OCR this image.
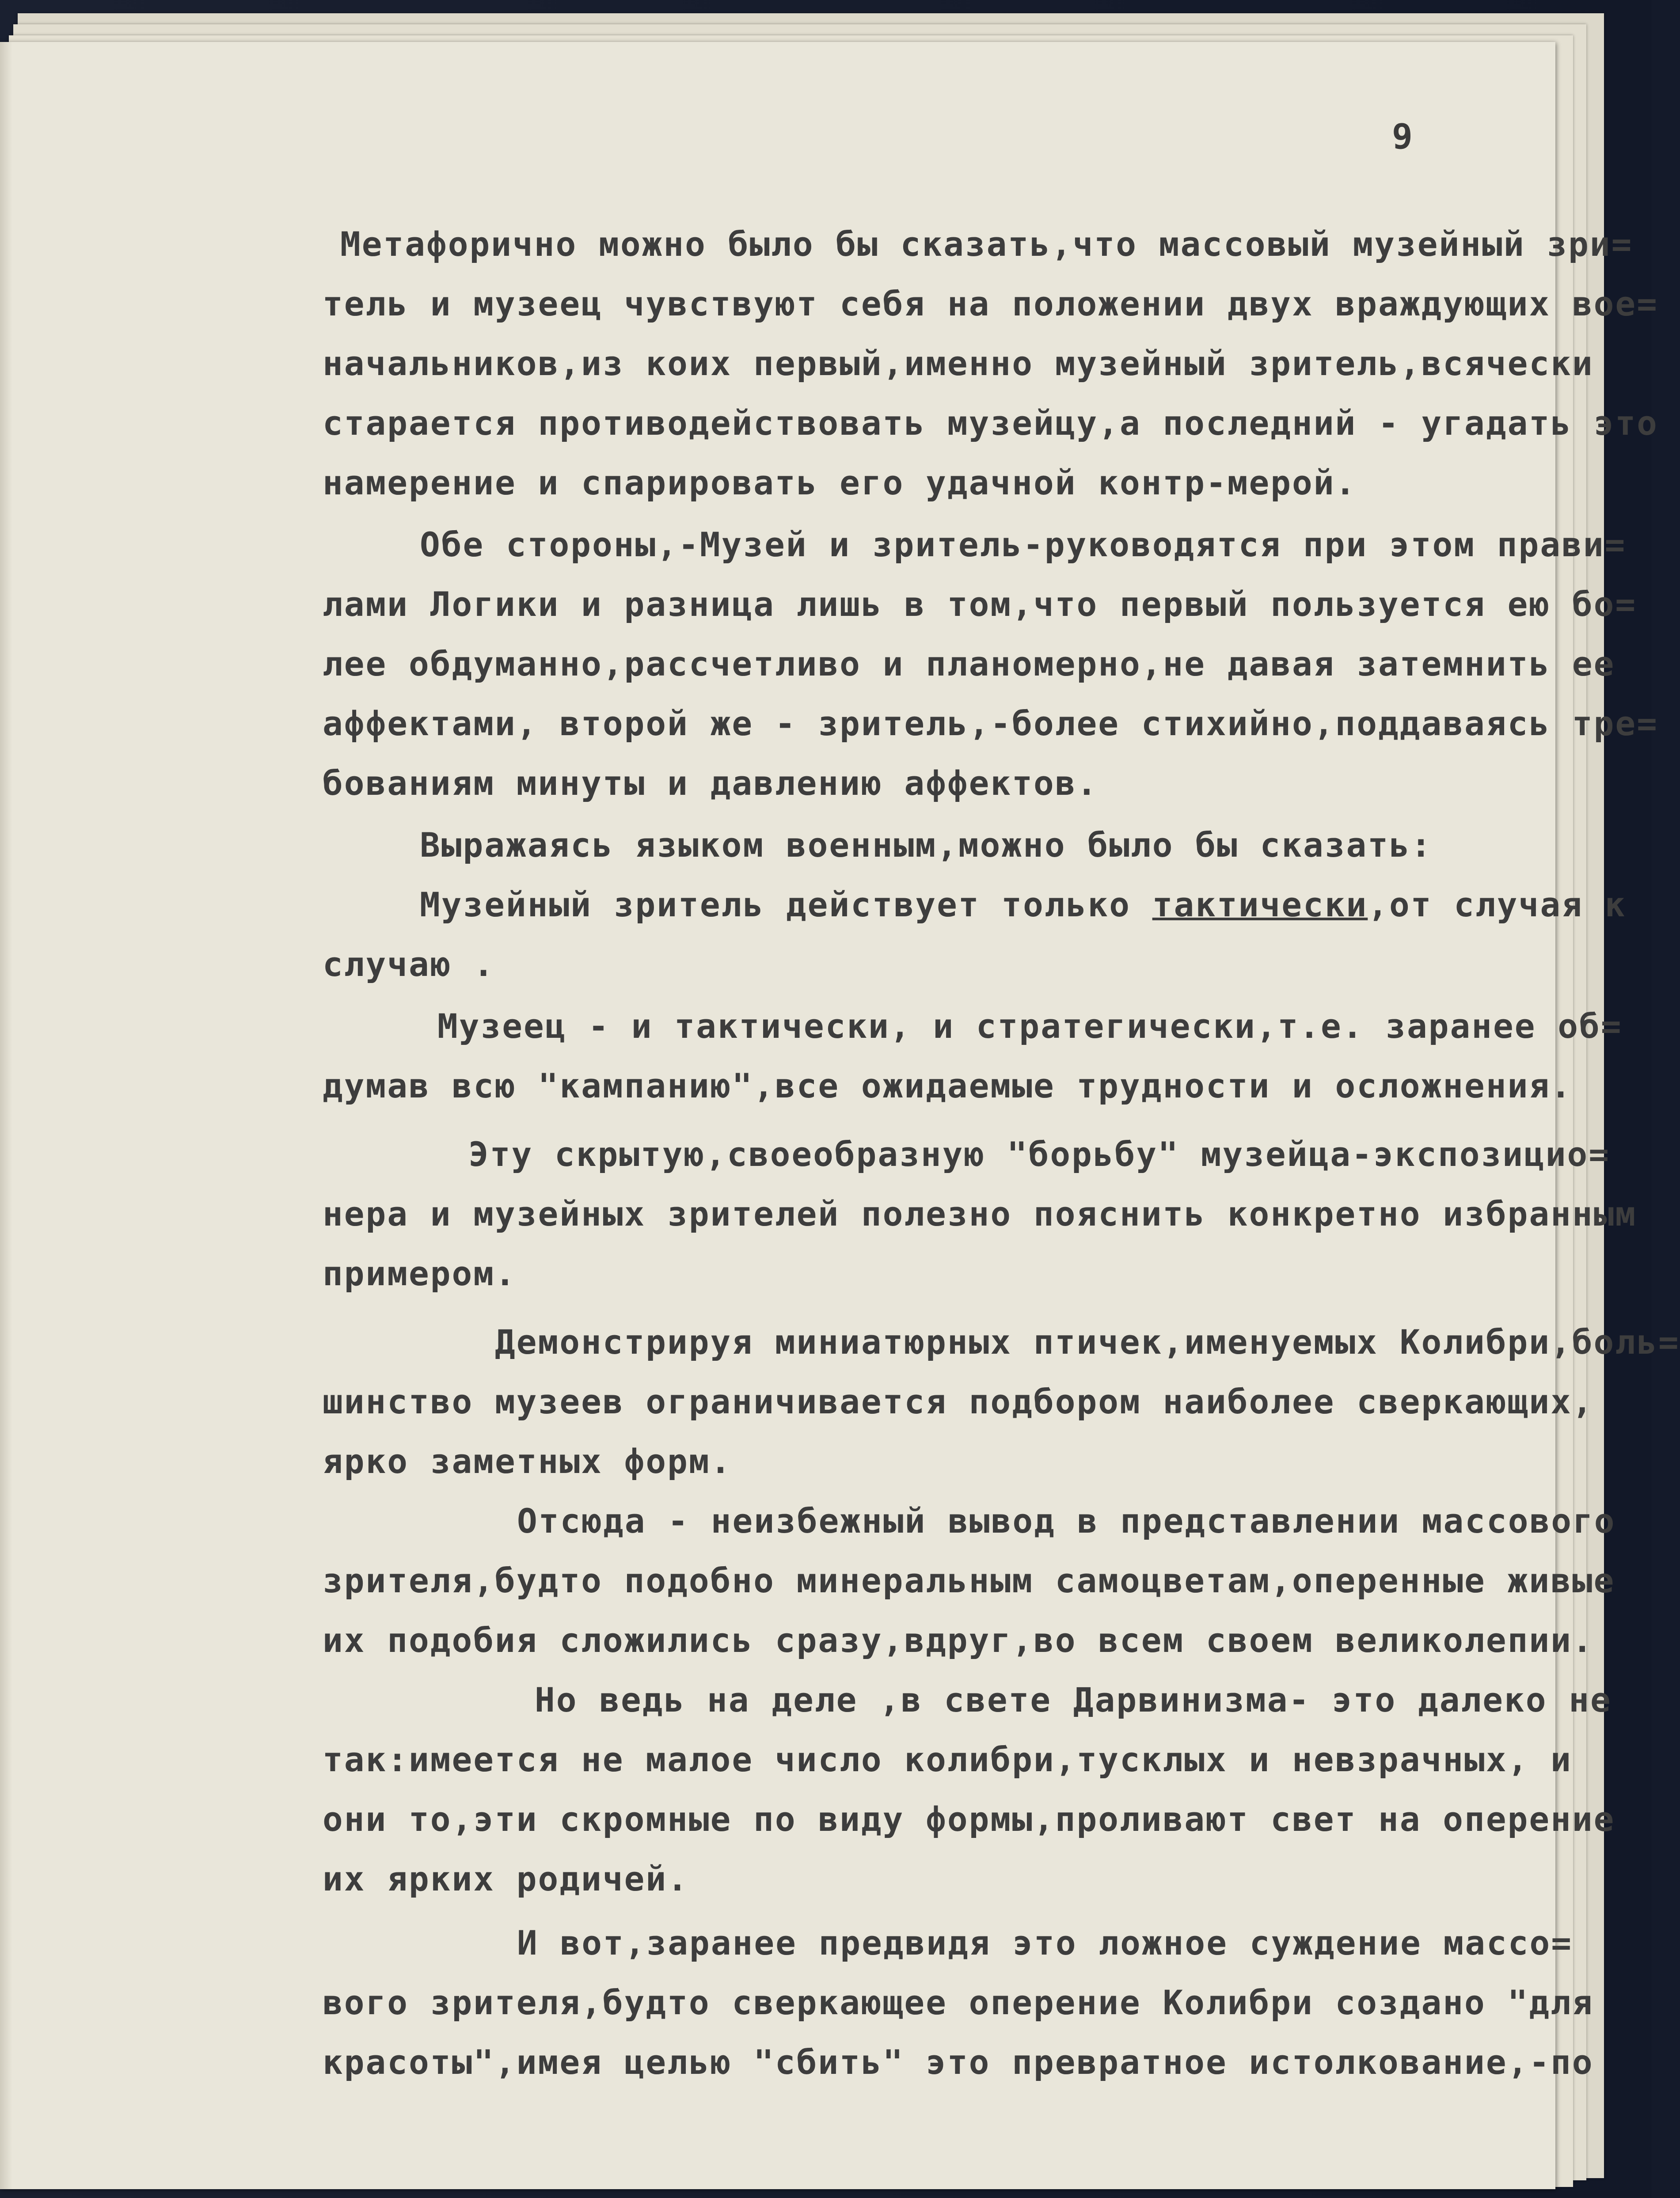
9
Метафорично можно было бы сказать,что массовый музейный зри=
тель и музеец чувствуют себя на положении двух враждующих вое=
начальников,из коих первый,именно музейный зритель,всячески
старается противодействовать музейцу,а последний - угадать это
намерение и спарировать его удачной контр-мерой.
Обе стороны,-Музей и зритель-руководятся при этом прави=
лами Логики и разница лишь в том,что первый пользуется ею бо=
лее обдуманно,рассчетливо и планомерно,не давая затемнить ее
аффектами, второй же - зритель,-более стихийно,поддаваясь тре=
бованиям минуты и давлению аффектов.
Выражаясь языком военным,можно было бы сказать:
Музейный зритель действует только тактически,от случая к
случаю .
Музеец - и тактически, и стратегически,т.е. заранее об=
думав всю "кампанию",все ожидаемые трудности и осложнения.
Эту скрытую,своеобразную "борьбу" музейца-экспозицио=
нера и музейных зрителей полезно пояснить конкретно избранным
примером.
Демонстрируя миниатюрных птичек,именуемых Колибри,боль=
шинство музеев ограничивается подбором наиболее сверкающих,
ярко заметных форм.
Отсюда - неизбежный вывод в представлении массового
зрителя,будто подобно минеральным самоцветам,оперенные живые
их подобия сложились сразу,вдруг,во всем своем великолепии.
Но ведь на деле ,в свете Дарвинизма- это далеко не
так:имеется не малое число колибри,тусклых и невзрачных, и
они то,эти скромные по виду формы,проливают свет на оперение
их ярких родичей.
И вот,заранее предвидя это ложное суждение массо=
вого зрителя,будто сверкающее оперение Колибри создано "для
красоты",имея целью "сбить" это превратное истолкование,-по
